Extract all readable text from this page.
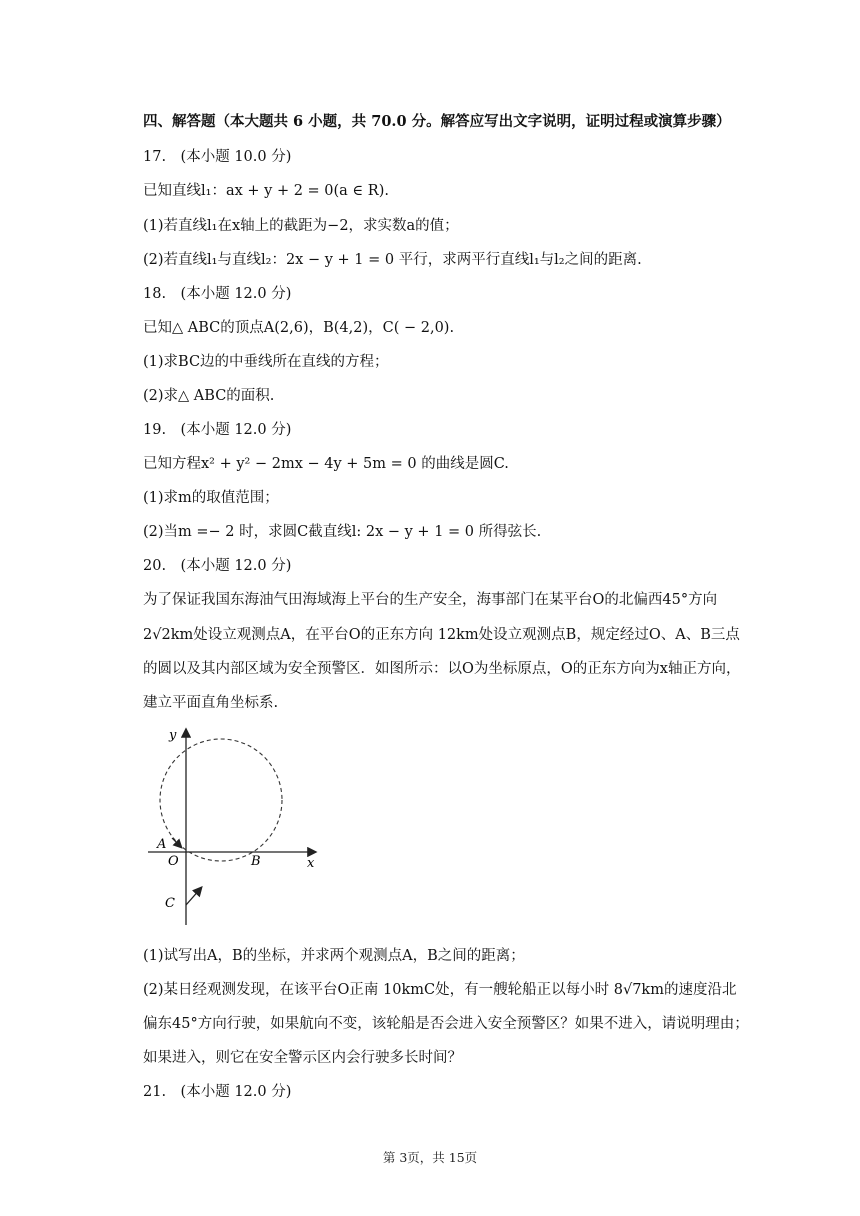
四、解答题（本大题共 6 小题，共 70.0 分。解答应写出文字说明，证明过程或演算步骤）
17.　(本小题 10.0 分)
已知直线l₁：ax + y + 2 = 0(a ∈ R).
(1)若直线l₁在x轴上的截距为−2，求实数a的值；
(2)若直线l₁与直线l₂：2x − y + 1 = 0 平行，求两平行直线l₁与l₂之间的距离.
18.　(本小题 12.0 分)
已知△ ABC的顶点A(2,6)，B(4,2)，C( − 2,0).
(1)求BC边的中垂线所在直线的方程；
(2)求△ ABC的面积.
19.　(本小题 12.0 分)
已知方程x² + y² − 2mx − 4y + 5m = 0 的曲线是圆C.
(1)求m的取值范围；
(2)当m =− 2 时，求圆C截直线l: 2x − y + 1 = 0 所得弦长.
20.　(本小题 12.0 分)
为了保证我国东海油气田海域海上平台的生产安全，海事部门在某平台O的北偏西45°方向
2√2km处设立观测点A，在平台O的正东方向 12km处设立观测点B，规定经过O、A、B三点
的圆以及其内部区域为安全预警区．如图所示：以O为坐标原点，O的正东方向为x轴正方向，
建立平面直角坐标系.
y
A
O	B	x
C
(1)试写出A，B的坐标，并求两个观测点A，B之间的距离；
(2)某日经观测发现，在该平台O正南 10kmC处，有一艘轮船正以每小时 8√7km的速度沿北
偏东45°方向行驶，如果航向不变，该轮船是否会进入安全预警区？如果不进入，请说明理由；
如果进入，则它在安全警示区内会行驶多长时间？
21.　(本小题 12.0 分)
第 3页，共 15页
